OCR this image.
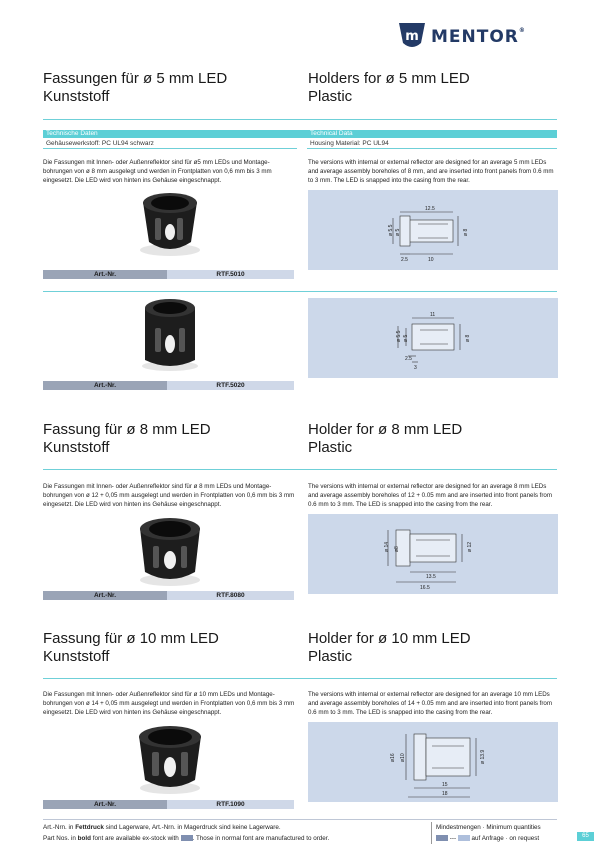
m MENTOR®
Fassungen für ø 5 mm LED
Kunststoff
Holders for ø 5 mm LED
Plastic
Technische Daten	Technical Data
Gehäusewerkstoff: PC UL94 schwarz	Housing Material: PC UL94
Die Fassungen mit Innen- oder Außenreflektor sind für ø5 mm LEDs und Montagebohrungen von ø 8 mm ausgelegt und werden in Frontplatten von 0,6 mm bis 3 mm eingesetzt. Die LED wird von hinten ins Gehäuse eingeschnappt.
The versions with internal or external reflector are designed for an average 5 mm LEDs and average assembly boreholes of 8 mm, and are inserted into front panels from 0.6 mm to 3 mm. The LED is snapped into the casing from the rear.
12.5
ø 5.5 ø 5	ø 8
2.5	10
Art.-Nr.	RTF.5010
11
ø 5.5 ø 5	ø 8
2.5
3
Art.-Nr.	RTF.5020
Fassung für ø 8 mm LED
Kunststoff
Holder for ø 8 mm LED
Plastic
Die Fassungen mit Innen- oder Außenreflektor sind für ø 8 mm LEDs und Montagebohrungen von ø 12 + 0,05 mm ausgelegt und werden in Frontplatten von 0,6 mm bis 3 mm eingesetzt. Die LED wird von hinten ins Gehäuse eingeschnappt.
The versions with internal or external reflector are designed for an average 8 mm LEDs and average assembly boreholes of 12 + 0.05 mm and are inserted into front panels from 0.6 mm to 3 mm. The LED is snapped into the casing from the rear.
ø 14 ø8	ø 12
13.5
16.5
Art.-Nr.	RTF.8080
Fassung für ø 10 mm LED
Kunststoff
Holder for ø 10 mm LED
Plastic
Die Fassungen mit Innen- oder Außenreflektor sind für ø 10 mm LEDs und Montagebohrungen von ø 14 + 0,05 mm ausgelegt und werden in Frontplatten von 0,6 mm bis 3 mm eingesetzt. Die LED wird von hinten ins Gehäuse eingeschnappt.
The versions with internal or external reflector are designed for an average 10 mm LEDs and average assembly boreholes of 14 + 0.05 mm and are inserted into front panels from 0.6 mm to 3 mm. The LED is snapped into the casing from the rear.
ø16 ø10	ø 13.9
15
18
Art.-Nr.	RTF.1090
Art.-Nrn. in Fettdruck sind Lagerware, Art.-Nrn. in Magerdruck sind keine Lagerware.
Part Nos. in bold font are available ex-stock with . Those in normal font are manufactured to order.
Mindestmengen · Minimum quantities
--- auf Anfrage · on request	65
